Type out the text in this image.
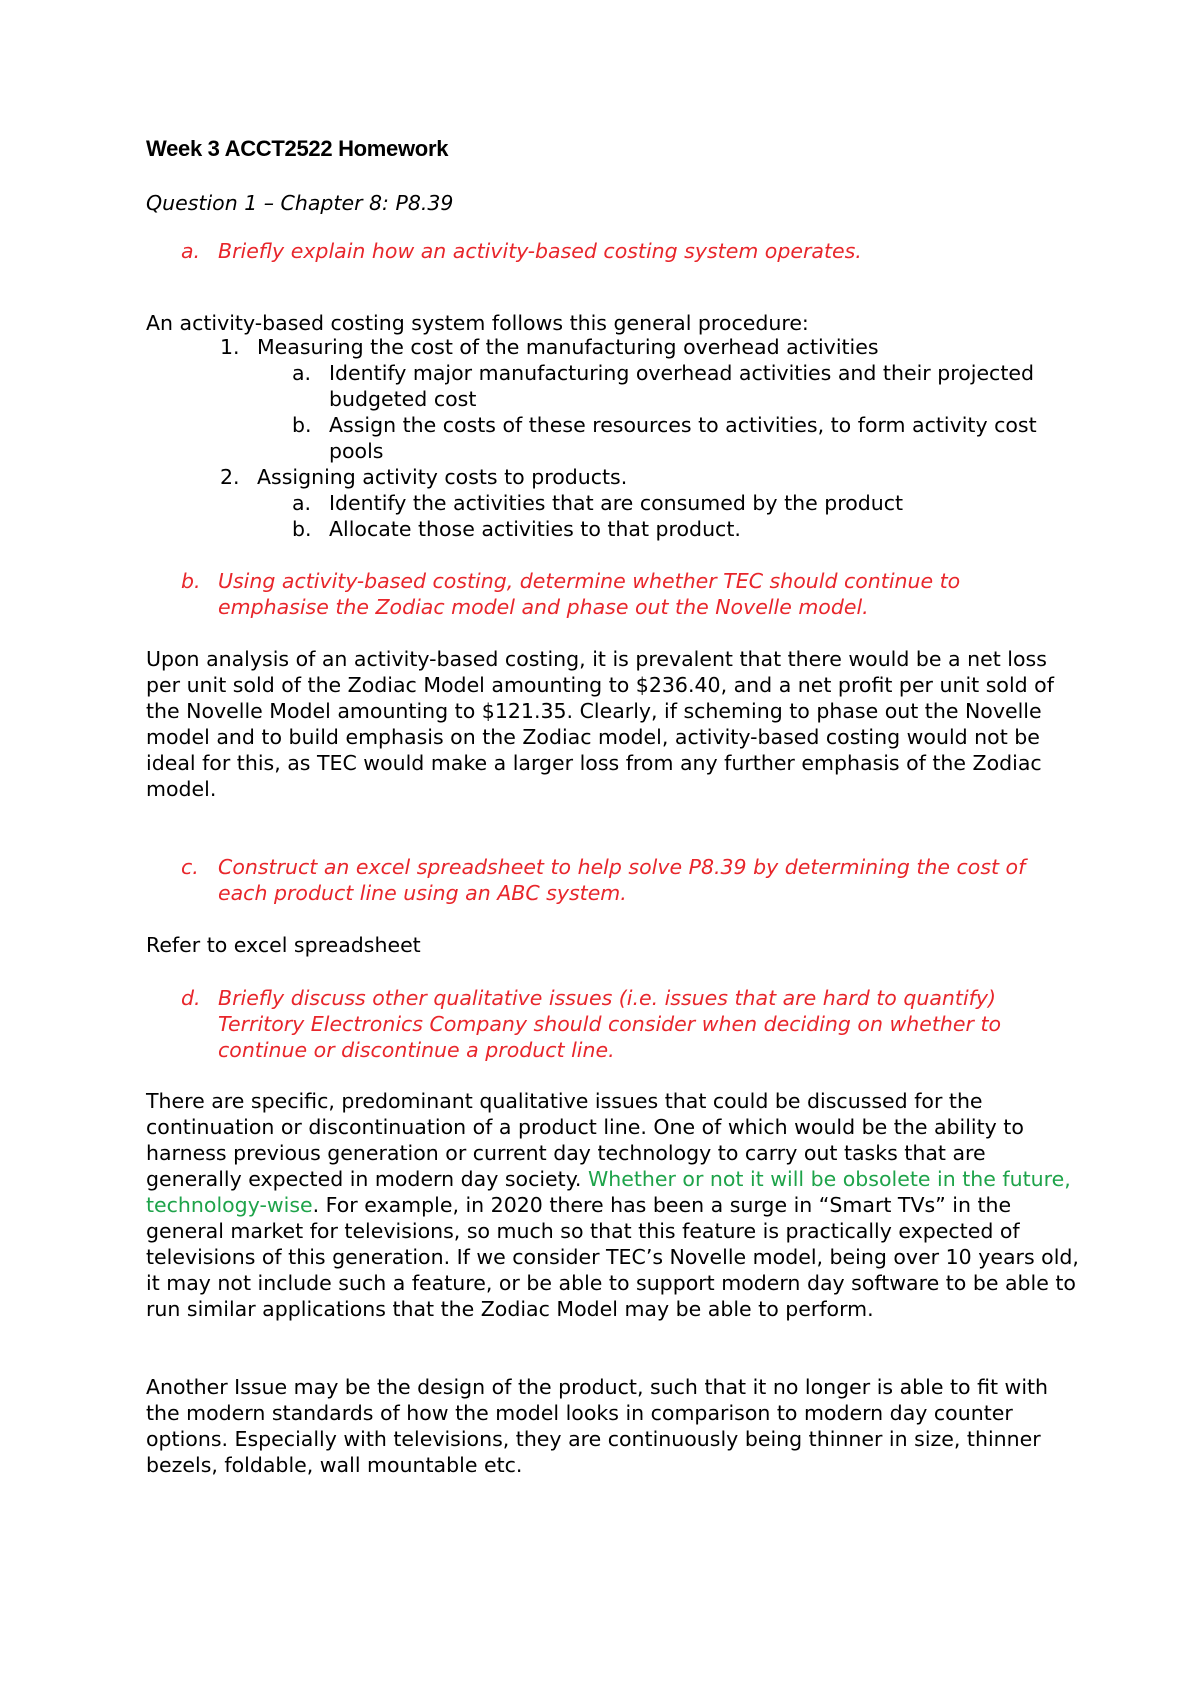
Week 3 ACCT2522 Homework

Question 1 – Chapter 8: P8.39

a. Briefly explain how an activity-based costing system operates.

An activity-based costing system follows this general procedure:

1. Measuring the cost of the manufacturing overhead activities
a. Identify major manufacturing overhead activities and their projected budgeted cost
b. Assign the costs of these resources to activities, to form activity cost pools
2. Assigning activity costs to products.
a. Identify the activities that are consumed by the product
b. Allocate those activities to that product.
b. Using activity-based costing, determine whether TEC should continue to emphasise the Zodiac model and phase out the Novelle model.

Upon analysis of an activity-based costing, it is prevalent that there would be a net loss per unit sold of the Zodiac Model amounting to $236.40, and a net profit per unit sold of the Novelle Model amounting to $121.35. Clearly, if scheming to phase out the Novelle model and to build emphasis on the Zodiac model, activity-based costing would not be ideal for this, as TEC would make a larger loss from any further emphasis of the Zodiac model.

c. Construct an excel spreadsheet to help solve P8.39 by determining the cost of each product line using an ABC system.

Refer to excel spreadsheet

d. Briefly discuss other qualitative issues (i.e. issues that are hard to quantify) Territory Electronics Company should consider when deciding on whether to continue or discontinue a product line.

There are specific, predominant qualitative issues that could be discussed for the continuation or discontinuation of a product line. One of which would be the ability to harness previous generation or current day technology to carry out tasks that are generally expected in modern day society. Whether or not it will be obsolete in the future, technology-wise. For example, in 2020 there has been a surge in “Smart TVs” in the general market for televisions, so much so that this feature is practically expected of televisions of this generation. If we consider TEC’s Novelle model, being over 10 years old, it may not include such a feature, or be able to support modern day software to be able to run similar applications that the Zodiac Model may be able to perform.

Another Issue may be the design of the product, such that it no longer is able to fit with the modern standards of how the model looks in comparison to modern day counter options. Especially with televisions, they are continuously being thinner in size, thinner bezels, foldable, wall mountable etc.
